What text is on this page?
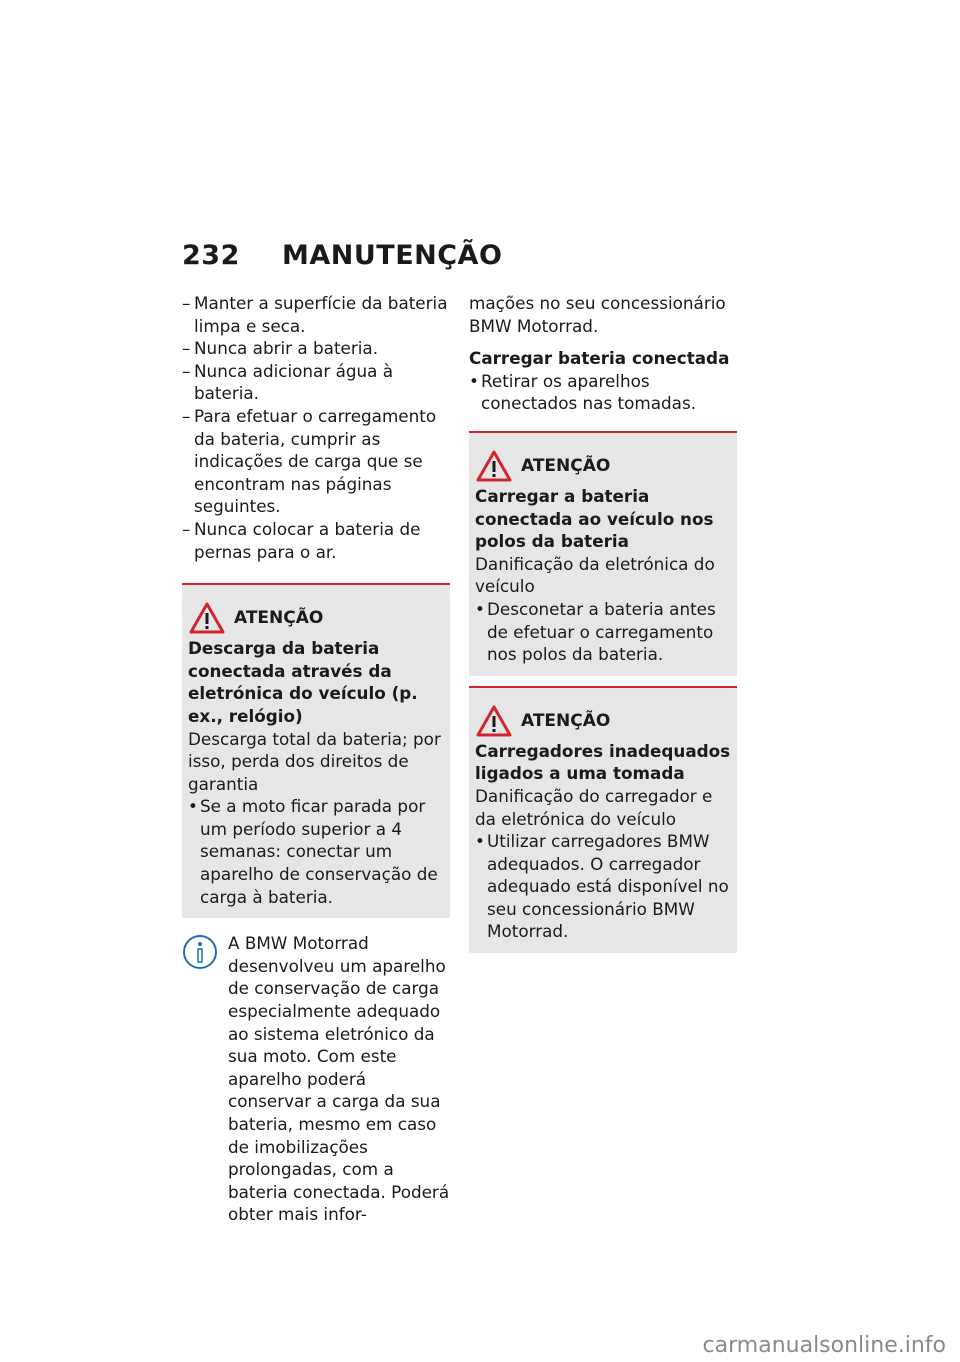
232 MANUTENÇÃO

– Manter a superfície da bateria limpa e seca.

– Nunca abrir a bateria.

– Nunca adicionar água à bateria.

– Para efetuar o carregamento da bateria, cumprir as indicações de carga que se encontram nas páginas seguintes.

– Nunca colocar a bateria de pernas para o ar.

ATENÇÃO

Descarga da bateria conectada através da eletrónica do veículo (p. ex., relógio)

Descarga total da bateria; por isso, perda dos direitos de garantia

• Se a moto ficar parada por um período superior a 4 semanas: conectar um aparelho de conservação de carga à bateria.

A BMW Motorrad desenvolveu um aparelho de conservação de carga especialmente adequado ao sistema eletrónico da sua moto. Com este aparelho poderá conservar a carga da sua bateria, mesmo em caso de imobilizações prolongadas, com a bateria conectada. Poderá obter mais infor-

mações no seu concessionário BMW Motorrad.

Carregar bateria conectada

• Retirar os aparelhos conectados nas tomadas.

ATENÇÃO

Carregar a bateria conectada ao veículo nos polos da bateria

Danificação da eletrónica do veículo

• Desconetar a bateria antes de efetuar o carregamento nos polos da bateria.

ATENÇÃO

Carregadores inadequados ligados a uma tomada

Danificação do carregador e da eletrónica do veículo

• Utilizar carregadores BMW adequados. O carregador adequado está disponível no seu concessionário BMW Motorrad.

carmanualsonline.info
